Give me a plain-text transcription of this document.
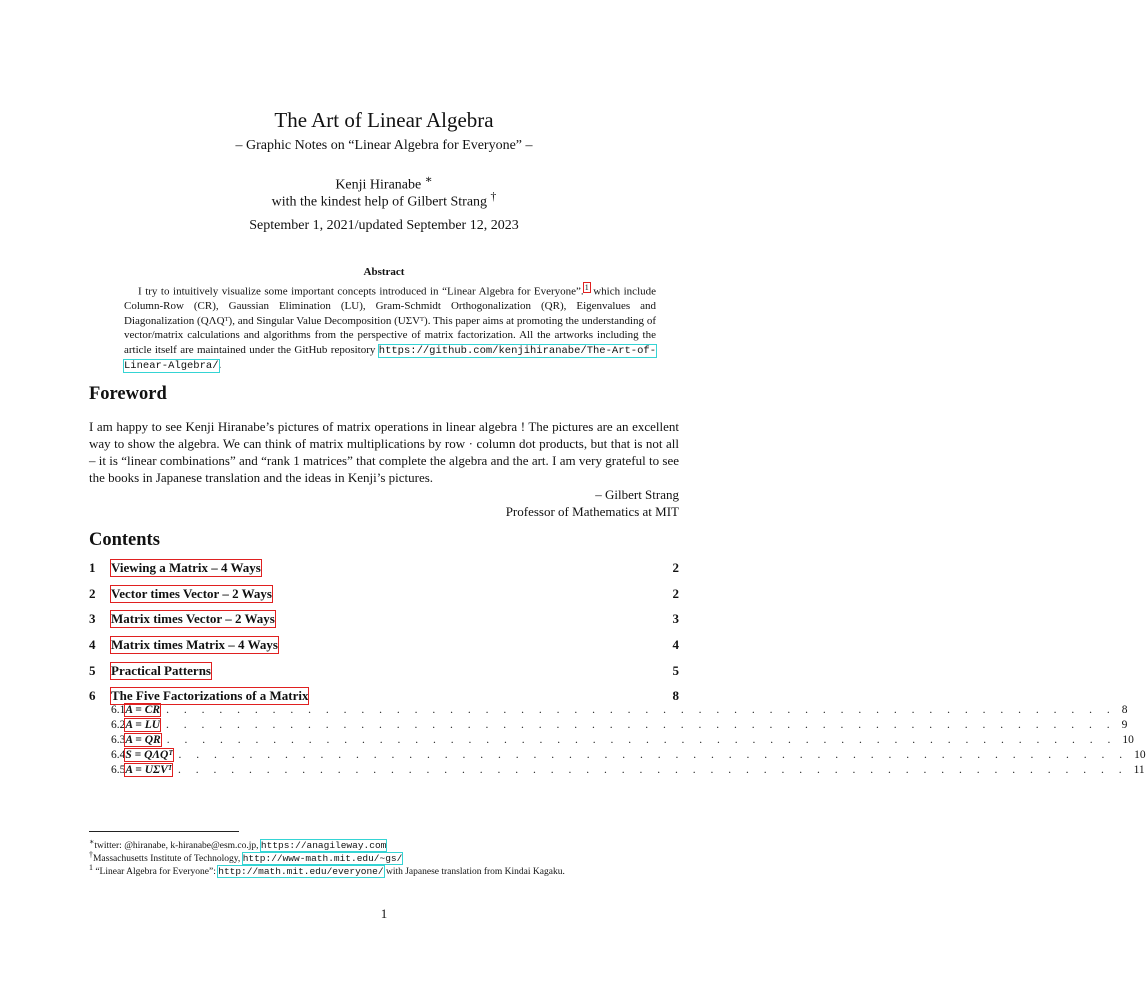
The Art of Linear Algebra
– Graphic Notes on “Linear Algebra for Everyone” –
Kenji Hiranabe ∗
with the kindest help of Gilbert Strang †
September 1, 2021/updated September 12, 2023
Abstract

I try to intuitively visualize some important concepts introduced in “Linear Algebra for Everyone”.$^1$ which include Column-Row (CR), Gaussian Elimination (LU), Gram-Schmidt Orthogonalization (QR), Eigenvalues and Diagonalization (QΛQᵀ), and Singular Value Decomposition (UΣVᵀ). This paper aims at promoting the understanding of vector/matrix calculations and algorithms from the perspective of matrix factorization. All the artworks including the article itself are maintained under the GitHub repository https://github.com/kenjihiranabe/The-Art-of-Linear-Algebra/.

Foreword

I am happy to see Kenji Hiranabe’s pictures of matrix operations in linear algebra ! The pictures are an excellent way to show the algebra. We can think of matrix multiplications by row · column dot products, but that is not all – it is “linear combinations” and “rank 1 matrices” that complete the algebra and the art. I am very grateful to see the books in Japanese translation and the ideas in Kenji’s pictures.

– Gilbert Strang
Professor of Mathematics at MIT
Contents
1	Viewing a Matrix – 4 Ways	2
2	Vector times Vector – 2 Ways	2
3	Matrix times Vector – 2 Ways	3
4	Matrix times Matrix – 4 Ways	4
5	Practical Patterns	5
6	The Five Factorizations of a Matrix	8
6.1 A = CR . . . . . . . . . . . . . . . . . . . . . . . . . . . . . . . . . . . . . . . . . . . . . . . . . . . . . . 8
6.2 A = LU . . . . . . . . . . . . . . . . . . . . . . . . . . . . . . . . . . . . . . . . . . . . . . . . . . . . . . 9
6.3 A = QR . . . . . . . . . . . . . . . . . . . . . . . . . . . . . . . . . . . . . . . . . . . . . . . . . . . . . . 10
6.4 S = QΛQᵀ . . . . . . . . . . . . . . . . . . . . . . . . . . . . . . . . . . . . . . . . . . . . . . . . . . . . . . 10
6.5 A = UΣVᵀ . . . . . . . . . . . . . . . . . . . . . . . . . . . . . . . . . . . . . . . . . . . . . . . . . . . . . . 11
∗twitter: @hiranabe, k-hiranabe@esm.co.jp, https://anagileway.com
†Massachusetts Institute of Technology, http://www-math.mit.edu/~gs/
$^1$ “Linear Algebra for Everyone”: http://math.mit.edu/everyone/ with Japanese translation from Kindai Kagaku.
1
